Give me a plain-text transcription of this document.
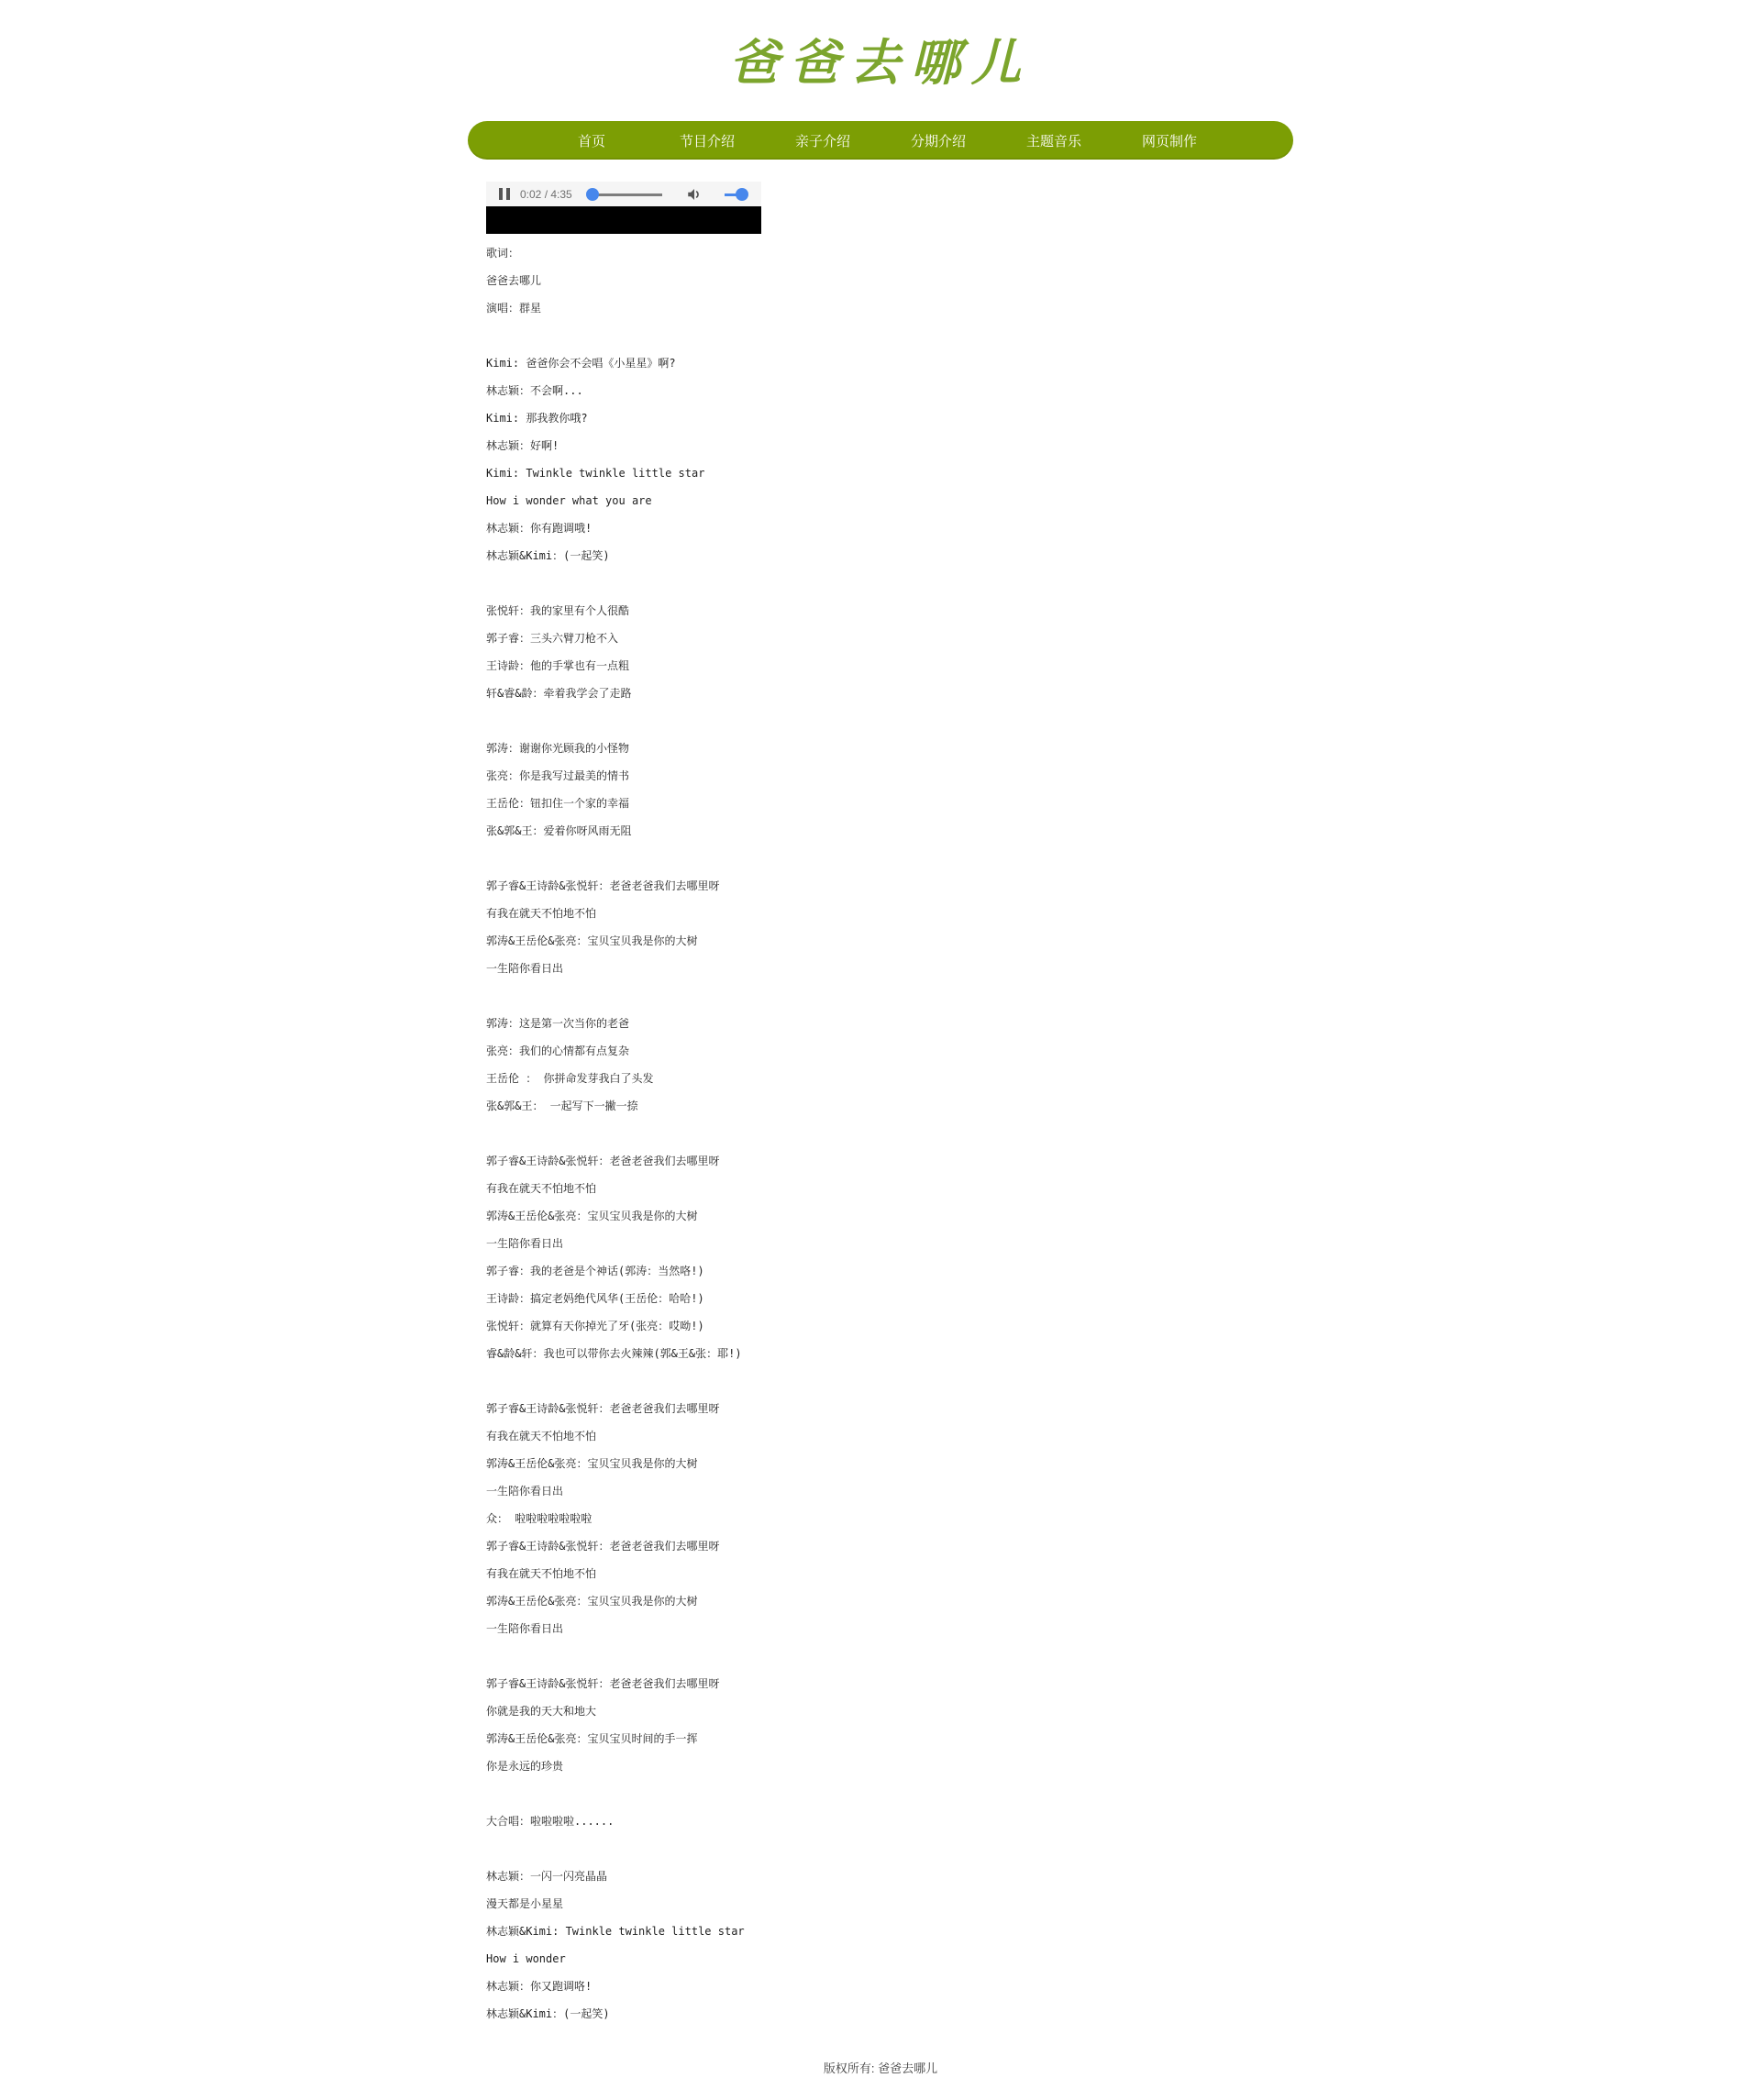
爸爸去哪儿
首页	节目介绍	亲子介绍	分期介绍	主题音乐	网页制作
0:02 / 4:35

歌词：

爸爸去哪儿

演唱：群星

Kimi: 爸爸你会不会唱《小星星》啊?

林志颖：不会啊...

Kimi: 那我教你哦?

林志颖：好啊!

Kimi: Twinkle twinkle little star

How i wonder what you are

林志颖：你有跑调哦!

林志颖&Kimi：(一起笑)

张悦轩：我的家里有个人很酷

郭子睿：三头六臂刀枪不入

王诗龄：他的手掌也有一点粗

轩&睿&龄：牵着我学会了走路

郭涛：谢谢你光顾我的小怪物

张亮：你是我写过最美的情书

王岳伦：钮扣住一个家的幸福

张&郭&王：爱着你呀风雨无阻

郭子睿&王诗龄&张悦轩：老爸老爸我们去哪里呀

有我在就天不怕地不怕

郭涛&王岳伦&张亮：宝贝宝贝我是你的大树

一生陪你看日出

郭涛：这是第一次当你的老爸

张亮：我们的心情都有点复杂

王岳伦 ： 你拼命发芽我白了头发

张&郭&王： 一起写下一撇一捺

郭子睿&王诗龄&张悦轩：老爸老爸我们去哪里呀

有我在就天不怕地不怕

郭涛&王岳伦&张亮：宝贝宝贝我是你的大树

一生陪你看日出

郭子睿：我的老爸是个神话(郭涛：当然咯!)

王诗龄：搞定老妈绝代风华(王岳伦：哈哈!)

张悦轩：就算有天你掉光了牙(张亮：哎呦!)

睿&龄&轩：我也可以带你去火辣辣(郭&王&张：耶!)

郭子睿&王诗龄&张悦轩：老爸老爸我们去哪里呀

有我在就天不怕地不怕

郭涛&王岳伦&张亮：宝贝宝贝我是你的大树

一生陪你看日出

众： 啦啦啦啦啦啦啦

郭子睿&王诗龄&张悦轩：老爸老爸我们去哪里呀

有我在就天不怕地不怕

郭涛&王岳伦&张亮：宝贝宝贝我是你的大树

一生陪你看日出

郭子睿&王诗龄&张悦轩：老爸老爸我们去哪里呀

你就是我的天大和地大

郭涛&王岳伦&张亮：宝贝宝贝时间的手一挥

你是永远的珍贵

大合唱：啦啦啦啦......

林志颖：一闪一闪亮晶晶

漫天都是小星星

林志颖&Kimi: Twinkle twinkle little star

How i wonder

林志颖：你又跑调咯!

林志颖&Kimi：(一起笑)

版权所有: 爸爸去哪儿
